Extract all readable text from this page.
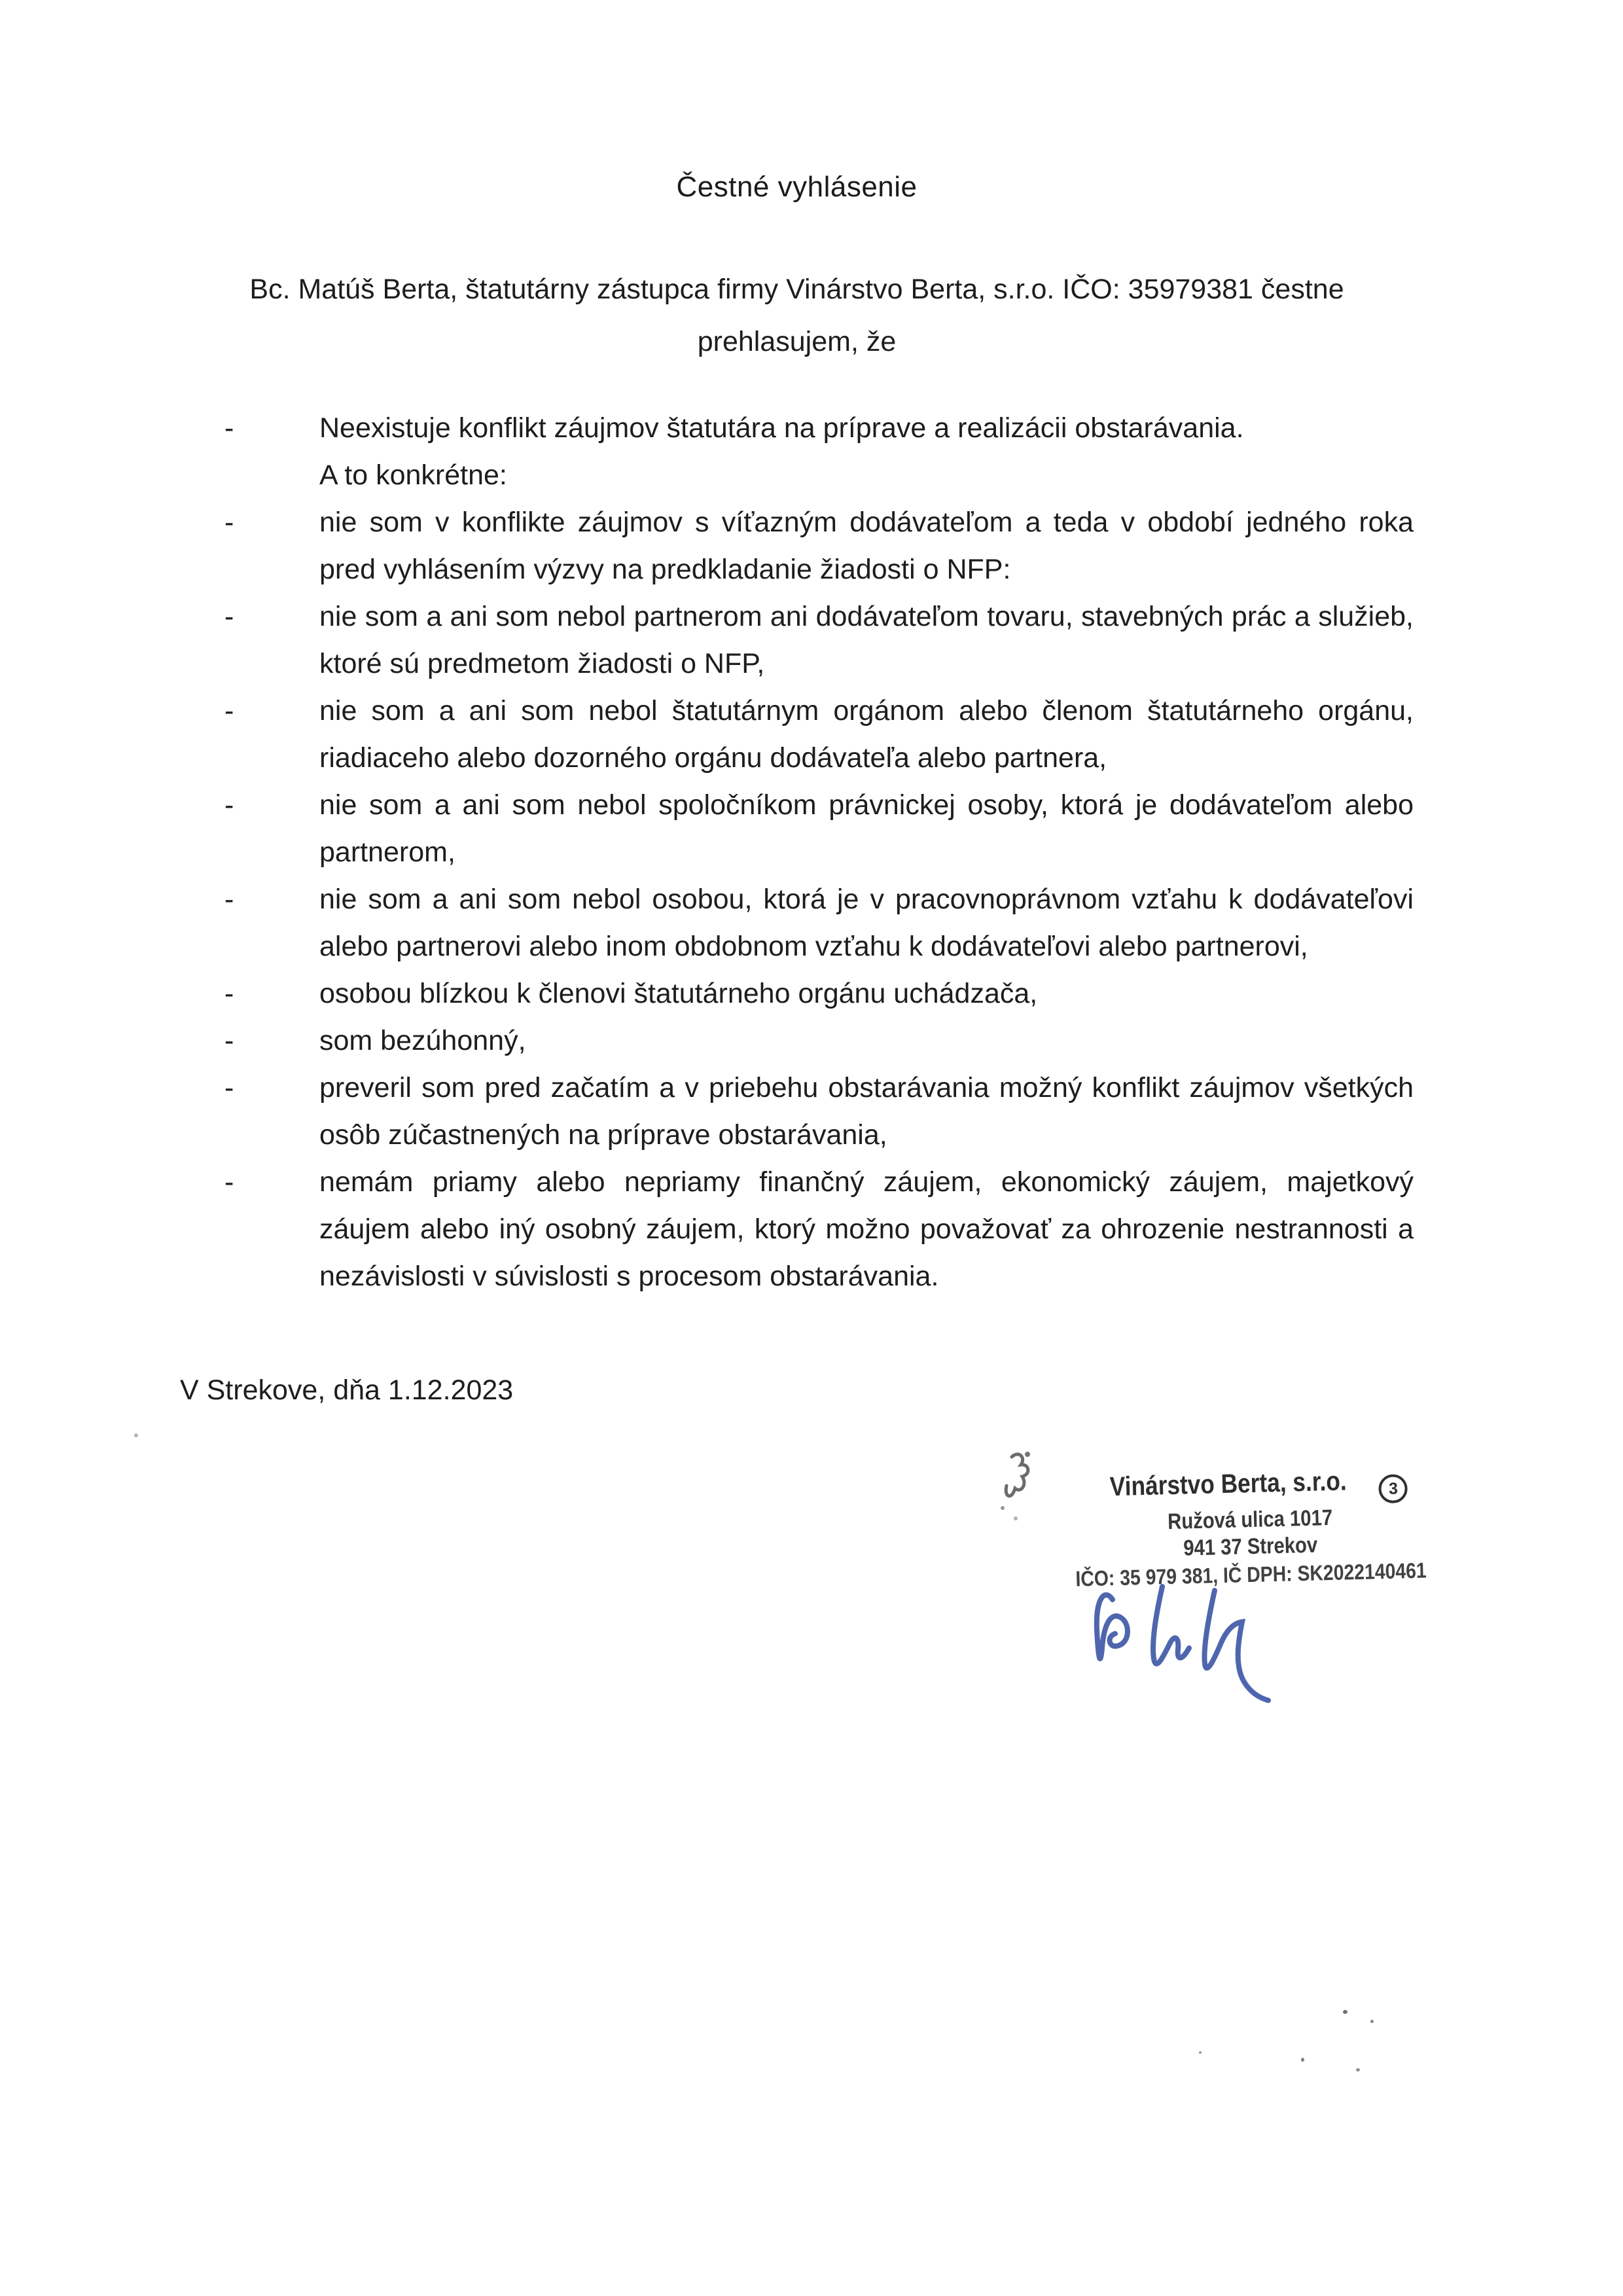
Čestné vyhlásenie

Bc. Matúš Berta, štatutárny zástupca firmy Vinárstvo Berta, s.r.o. IČO: 35979381 čestne
prehlasujem, že

-	Neexistuje konflikt záujmov štatutára na príprave a realizácii obstarávania.

A to konkrétne:

-	nie som v konflikte záujmov s víťazným dodávateľom a teda v období jedného roka pred vyhlásením výzvy na predkladanie žiadosti o NFP:

-	nie som a ani som nebol partnerom ani dodávateľom tovaru, stavebných prác a služieb, ktoré sú predmetom žiadosti o NFP,

-	nie som a ani som nebol štatutárnym orgánom alebo členom štatutárneho orgánu, riadiaceho alebo dozorného orgánu dodávateľa alebo partnera,

-	nie som a ani som nebol spoločníkom právnickej osoby, ktorá je dodávateľom alebo partnerom,

-	nie som a ani som nebol osobou, ktorá je v pracovnoprávnom vzťahu k dodávateľovi alebo partnerovi alebo inom obdobnom vzťahu k dodávateľovi alebo partnerovi,

-	osobou blízkou k členovi štatutárneho orgánu uchádzača,

-	som bezúhonný,

-	preveril som pred začatím a v priebehu obstarávania možný konflikt záujmov všetkých osôb zúčastnených na príprave obstarávania,

-	nemám priamy alebo nepriamy finančný záujem, ekonomický záujem, majetkový záujem alebo iný osobný záujem, ktorý možno považovať za ohrozenie nestrannosti a nezávislosti v súvislosti s procesom obstarávania.

V Strekove, dňa 1.12.2023

Vinárstvo Berta, s.r.o.	3
Ružová ulica 1017
941 37 Strekov
IČO: 35 979 381, IČ DPH: SK2022140461
